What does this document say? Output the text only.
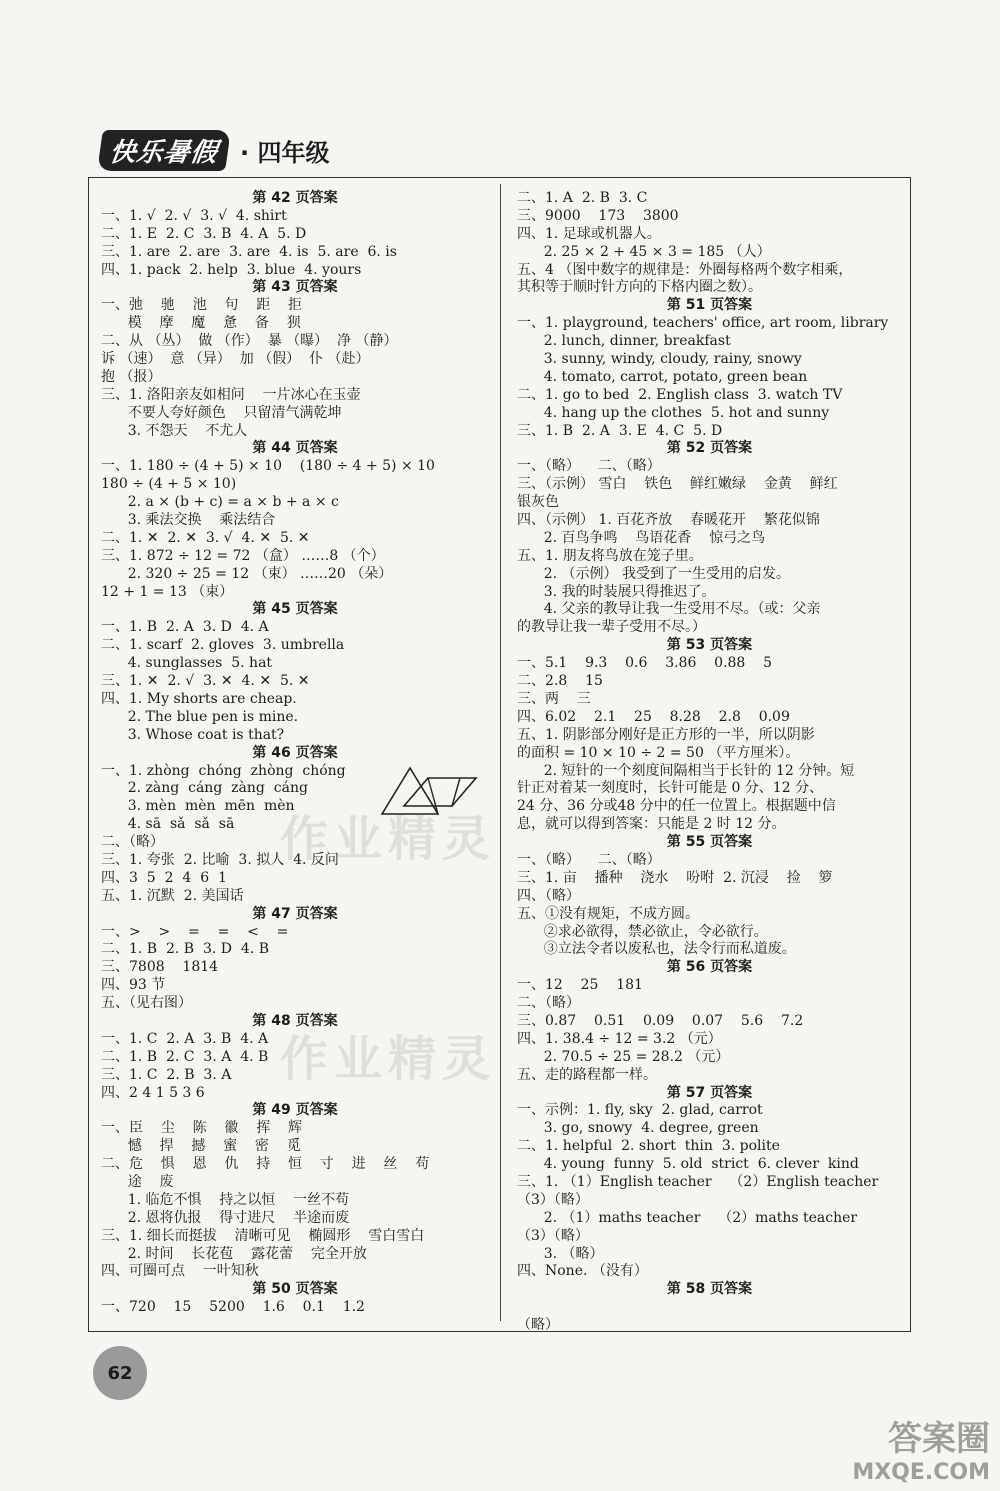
快乐暑假 · 四年级
第 42 页答案
一、1. √  2. √  3. √  4. shirt
二、1. E  2. C  3. B  4. A  5. D
三、1. are  2. are  3. are  4. is  5. are  6. is
四、1. pack  2. help  3. blue  4. yours
第 43 页答案
一、弛    驰    池    句    距    拒
模    摩    魔    惫    备    狈
二、从 （丛）  做 （作）  暴 （曝）  净 （静）
诉 （速）  意 （异）  加 （假）  仆 （赴）
抱 （报）
三、1. 洛阳亲友如相问    一片冰心在玉壶
不要人夸好颜色    只留清气满乾坤
3. 不怨天    不尤人
第 44 页答案
一、1. 180 ÷ (4 + 5) × 10    (180 ÷ 4 + 5) × 10
180 ÷ (4 + 5 × 10)
2. a × (b + c) = a × b + a × c
3. 乘法交换    乘法结合
二、1. ✕  2. ✕  3. √  4. ✕  5. ✕
三、1. 872 ÷ 12 = 72 （盒） ……8 （个）
2. 320 ÷ 25 = 12 （束） ……20 （朵）
12 + 1 = 13 （束）
第 45 页答案
一、1. B  2. A  3. D  4. A
二、1. scarf  2. gloves  3. umbrella
4. sunglasses  5. hat
三、1. ✕  2. √  3. ✕  4. ✕  5. ✕
四、1. My shorts are cheap.
2. The blue pen is mine.
3. Whose coat is that?
第 46 页答案
一、1. zhòng  chóng  zhòng  chóng
2. zàng  cáng  zàng  cáng
3. mèn  mèn  mēn  mèn
4. sā  sǎ  sǎ  sā
二、（略）
三、1. 夸张  2. 比喻  3. 拟人  4. 反问
四、3  5  2  4  6  1
五、1. 沉默  2. 美国话
第 47 页答案
一、>    >    =    =    <    =
二、1. B  2. B  3. D  4. B
三、7808    1814
四、93 节
五、（见右图）
第 48 页答案
一、1. C  2. A  3. B  4. A
二、1. B  2. C  3. A  4. B
三、1. C  2. B  3. A
四、2 4 1 5 3 6
第 49 页答案
一、臣    尘    陈    徽    挥    辉
憾    捍    撼    蜜    密    觅
二、危    惧    恩    仇    持    恒    寸    进    丝    苟
途    废
1. 临危不惧    持之以恒    一丝不苟
2. 恩将仇报    得寸进尺    半途而废
三、1. 细长而挺拔    清晰可见    椭圆形    雪白雪白
2. 时间    长花苞    露花蕾    完全开放
四、可圈可点    一叶知秋
第 50 页答案
一、720    15    5200    1.6    0.1    1.2
二、1. A  2. B  3. C
三、9000    173    3800
四、1. 足球或机器人。
2. 25 × 2 + 45 × 3 = 185 （人）
五、4 （图中数字的规律是：外圈每格两个数字相乘，
其积等于顺时针方向的下格内圈之数）。
第 51 页答案
一、1. playground, teachers' office, art room, library
2. lunch, dinner, breakfast
3. sunny, windy, cloudy, rainy, snowy
4. tomato, carrot, potato, green bean
二、1. go to bed  2. English class  3. watch TV
4. hang up the clothes  5. hot and sunny
三、1. B  2. A  3. E  4. C  5. D
第 52 页答案
一、（略）    二、（略）
三、（示例） 雪白    铁色    鲜红嫩绿    金黄    鲜红
银灰色
四、（示例） 1. 百花齐放    春暖花开    繁花似锦
2. 百鸟争鸣    鸟语花香    惊弓之鸟
五、1. 朋友将鸟放在笼子里。
2. （示例） 我受到了一生受用的启发。
3. 我的时装展只得推迟了。
4. 父亲的教导让我一生受用不尽。（或：父亲
的教导让我一辈子受用不尽。）
第 53 页答案
一、5.1    9.3    0.6    3.86    0.88    5
二、2.8    15
三、两    三
四、6.02    2.1    25    8.28    2.8    0.09
五、1. 阴影部分刚好是正方形的一半，所以阴影
的面积 = 10 × 10 ÷ 2 = 50 （平方厘米）。
2. 短针的一个刻度间隔相当于长针的 12 分钟。短
针正对着某一刻度时，长针可能是 0 分、12 分、
24 分、36 分或48 分中的任一位置上。根据题中信
息，就可以得到答案：只能是 2 时 12 分。
第 55 页答案
一、（略）    二、（略）
三、1. 亩    播种    浇水    吩咐  2. 沉浸    捡    箩
四、（略）
五、①没有规矩，不成方圆。
②求必欲得，禁必欲止，令必欲行。
③立法令者以废私也，法令行而私道废。
第 56 页答案
一、12    25    181
二、（略）
三、0.87    0.51    0.09    0.07    5.6    7.2
四、1. 38.4 ÷ 12 = 3.2 （元）
2. 70.5 ÷ 25 = 28.2 （元）
五、走的路程都一样。
第 57 页答案
一、示例：1. fly, sky  2. glad, carrot
3. go, snowy  4. degree, green
二、1. helpful  2. short  thin  3. polite
4. young  funny  5. old  strict  6. clever  kind
三、1. （1）English teacher    （2）English teacher
（3）（略）
2. （1）maths teacher    （2）maths teacher
（3）（略）
3. （略）
四、None. （没有）
第 58 页答案
（略）
作业精灵
作业精灵
62
答案圈
MXQE.COM
